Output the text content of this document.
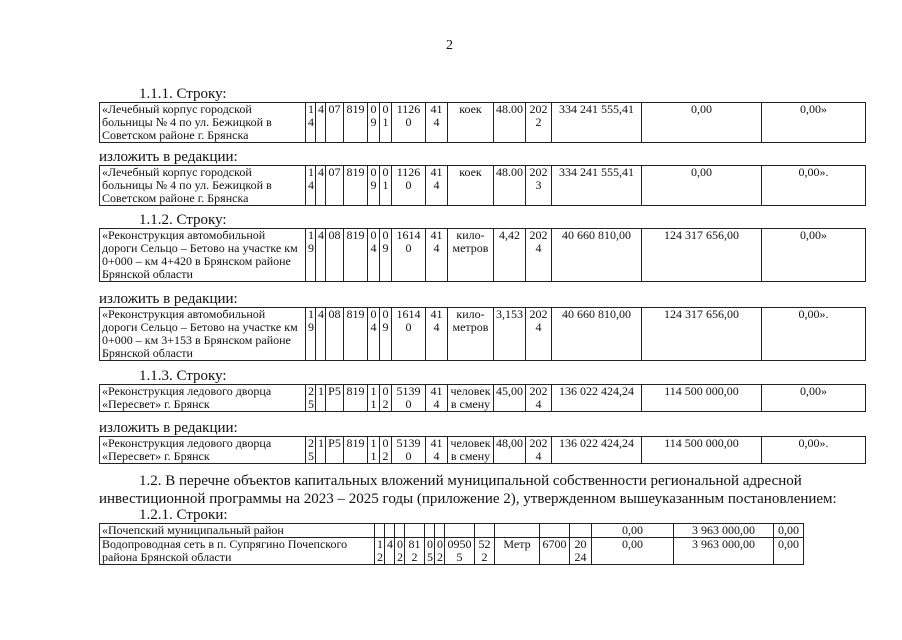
2
1.1.1. Строку:
«Лечебный корпус городской больницы № 4 по ул. Бежицкой в Советском районе г. Брянска	14	4	07	819	09	01	11260	414	коек	48.00	2022	334 241 555,41	0,00	0,00»
изложить в редакции:
«Лечебный корпус городской больницы № 4 по ул. Бежицкой в Советском районе г. Брянска	14	4	07	819	09	01	11260	414	коек	48.00	2023	334 241 555,41	0,00	0,00».
1.1.2. Строку:
«Реконструкция автомобильной дороги Сельцо – Бетово на участке км 0+000 – км 4+420 в Брянском районе Брянской области	19	4	08	819	04	09	16140	414	кило-метров	4,42	2024	40 660 810,00	124 317 656,00	0,00»
изложить в редакции:
«Реконструкция автомобильной дороги Сельцо – Бетово на участке км 0+000 – км 3+153 в Брянском районе Брянской области	19	4	08	819	04	09	16140	414	кило-метров	3,153	2024	40 660 810,00	124 317 656,00	0,00».
1.1.3. Строку:
«Реконструкция ледового дворца «Пересвет» г. Брянск	25	1	P5	819	11	02	51390	414	человек в смену	45,00	2024	136 022 424,24	114 500 000,00	0,00»
изложить в редакции:
«Реконструкция ледового дворца «Пересвет» г. Брянск	25	1	P5	819	11	02	51390	414	человек в смену	48,00	2024	136 022 424,24	114 500 000,00	0,00».
1.2. В перечне объектов капитальных вложений муниципальной собственности региональной адресной
инвестиционной программы на 2023 – 2025 годы (приложение 2), утвержденном вышеуказанным постановлением:
1.2.1. Строки:
«Почепский муниципальный район												0,00	3 963 000,00	0,00
Водопроводная сеть в п. Супрягино Почепского района Брянской области	12	4	02	812	05	02	09505	522	Метр	6700	2024	0,00	3 963 000,00	0,00
